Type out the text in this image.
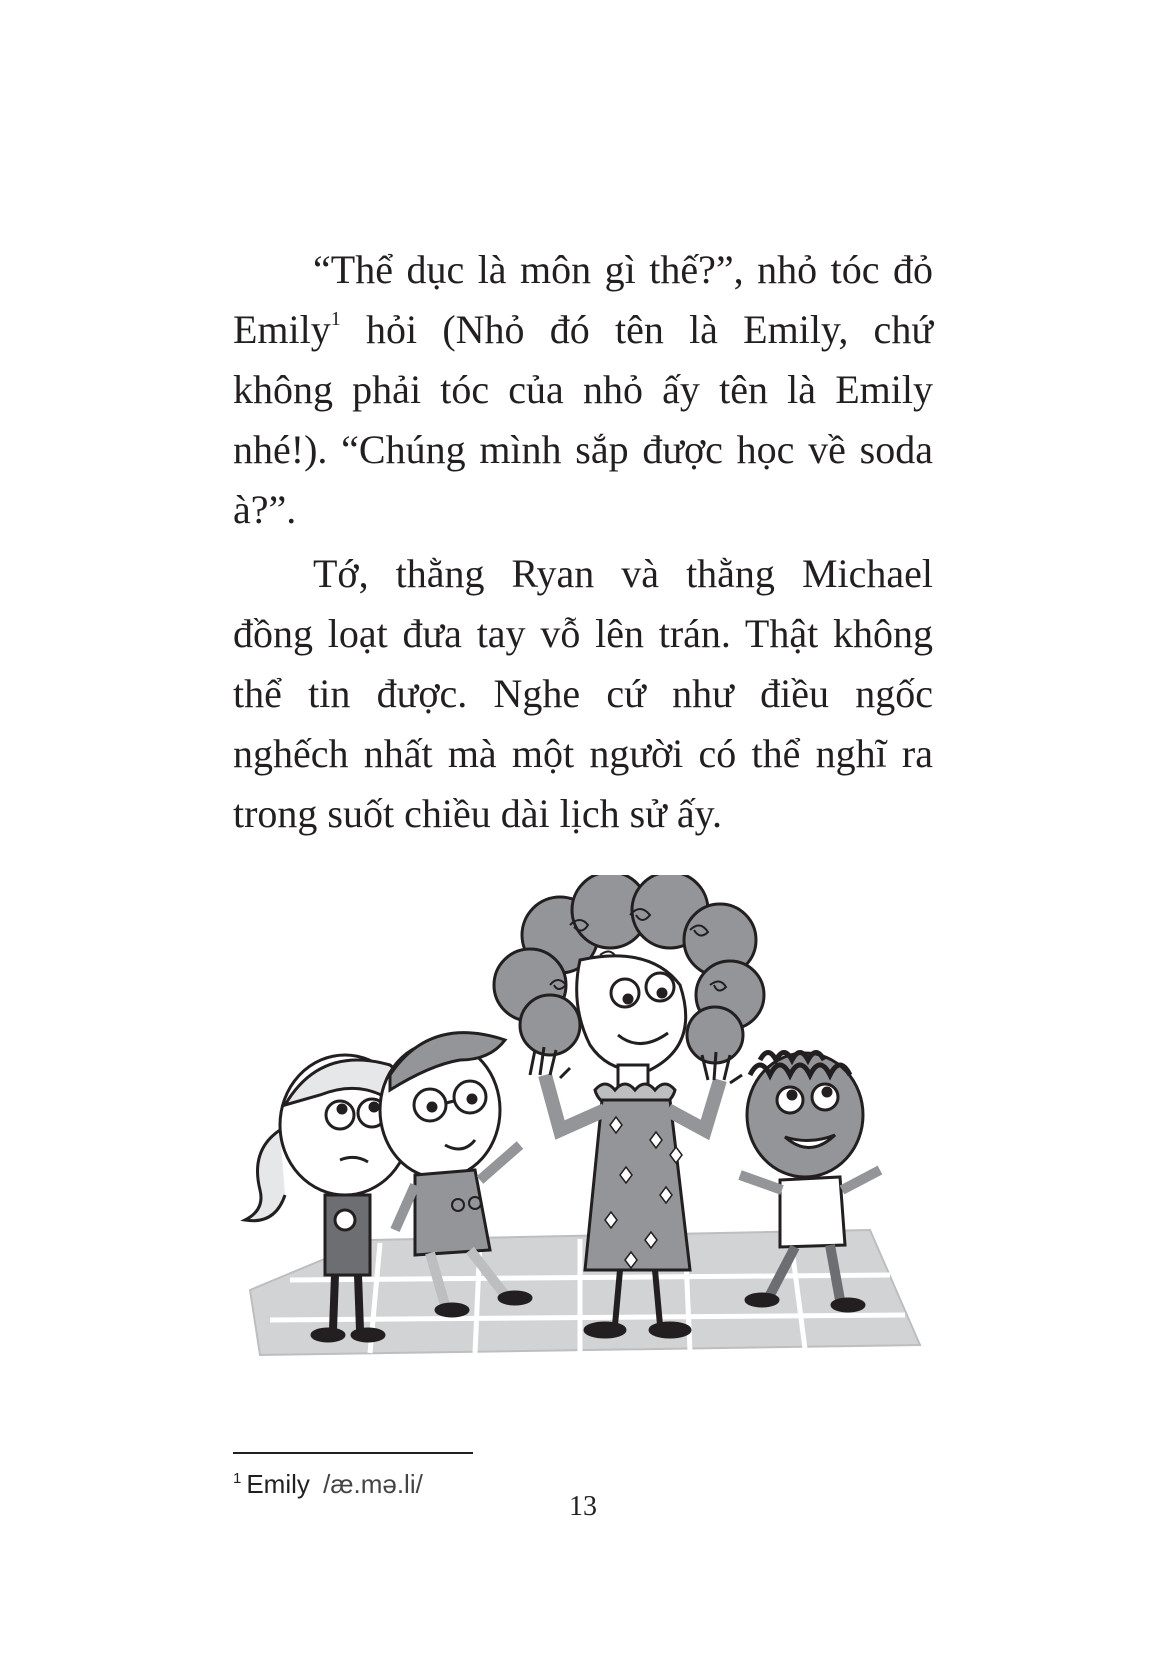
“Thể dục là môn gì thế?”, nhỏ tóc đỏ Emily$^1$ hỏi (Nhỏ đó tên là Emily, chứ không phải tóc của nhỏ ấy tên là Emily nhé!). “Chúng mình sắp được học về soda à?”.

Tớ, thằng Ryan và thằng Michael đồng loạt đưa tay vỗ lên trán. Thật không thể tin được. Nghe cứ như điều ngốc nghếch nhất mà một người có thể nghĩ ra trong suốt chiều dài lịch sử ấy.

$^1$ Emily /æ.mə.li/
13
